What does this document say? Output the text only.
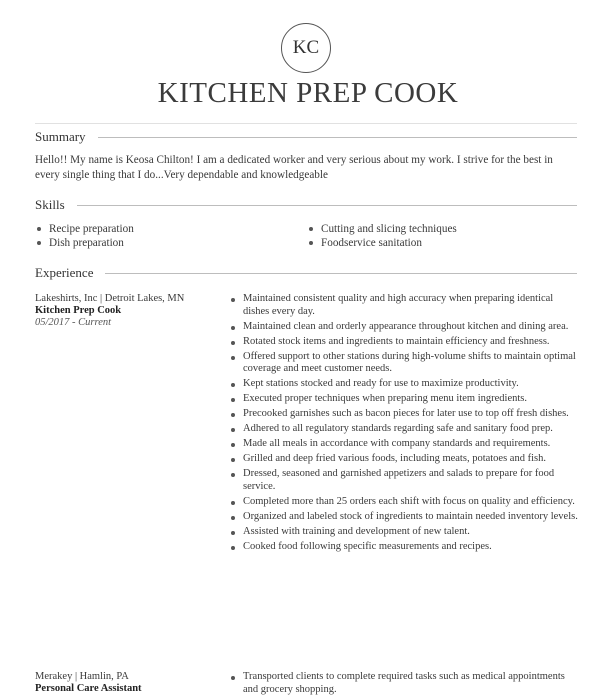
KC
KITCHEN PREP COOK
Summary
Hello!! My name is Keosa Chilton! I am a dedicated worker and very serious about my work. I strive for the best in every single thing that I do...Very dependable and knowledgeable
Skills
Recipe preparation
Dish preparation
Cutting and slicing techniques
Foodservice sanitation
Experience
Lakeshirts, Inc | Detroit Lakes, MN
Kitchen Prep Cook
05/2017 - Current
Maintained consistent quality and high accuracy when preparing identical dishes every day.
Maintained clean and orderly appearance throughout kitchen and dining area.
Rotated stock items and ingredients to maintain efficiency and freshness.
Offered support to other stations during high-volume shifts to maintain optimal coverage and meet customer needs.
Kept stations stocked and ready for use to maximize productivity.
Executed proper techniques when preparing menu item ingredients.
Precooked garnishes such as bacon pieces for later use to top off fresh dishes.
Adhered to all regulatory standards regarding safe and sanitary food prep.
Made all meals in accordance with company standards and requirements.
Grilled and deep fried various foods, including meats, potatoes and fish.
Dressed, seasoned and garnished appetizers and salads to prepare for food service.
Completed more than 25 orders each shift with focus on quality and efficiency.
Organized and labeled stock of ingredients to maintain needed inventory levels.
Assisted with training and development of new talent.
Cooked food following specific measurements and recipes.
Merakey | Hamlin, PA
Personal Care Assistant
Transported clients to complete required tasks such as medical appointments and grocery shopping.
